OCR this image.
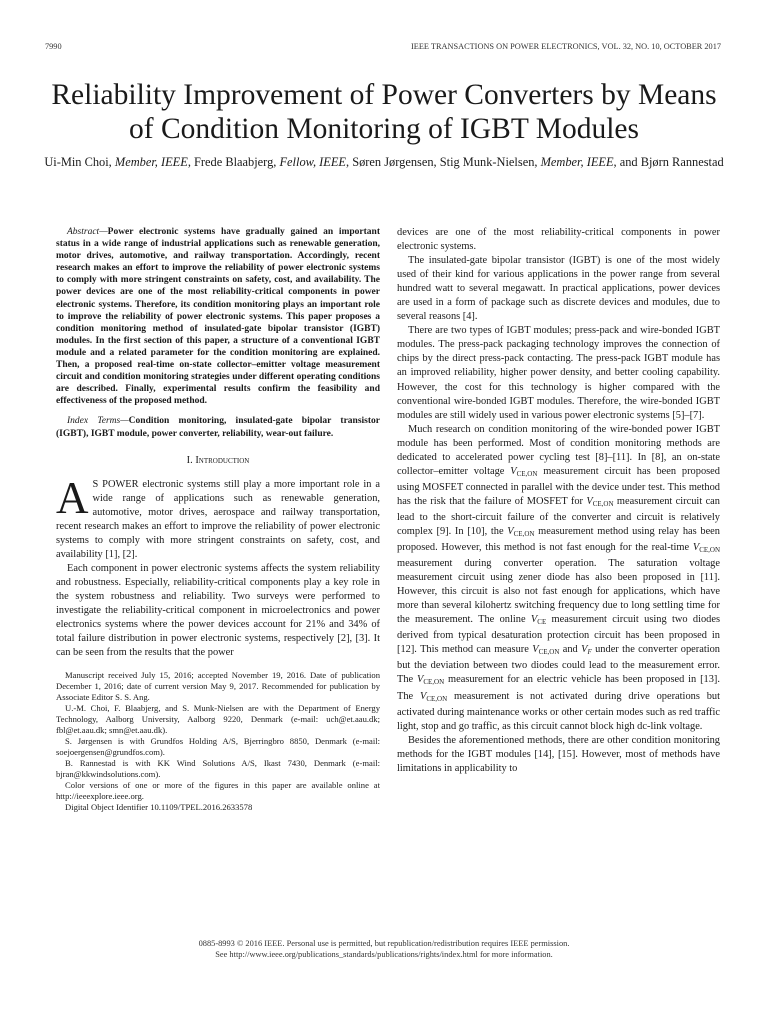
7990	IEEE TRANSACTIONS ON POWER ELECTRONICS, VOL. 32, NO. 10, OCTOBER 2017
Reliability Improvement of Power Converters by Means of Condition Monitoring of IGBT Modules
Ui-Min Choi, Member, IEEE, Frede Blaabjerg, Fellow, IEEE, Søren Jørgensen, Stig Munk-Nielsen, Member, IEEE, and Bjørn Rannestad

Abstract—Power electronic systems have gradually gained an important status in a wide range of industrial applications such as renewable generation, motor drives, automotive, and railway transportation. Accordingly, recent research makes an effort to improve the reliability of power electronic systems to comply with more stringent constraints on safety, cost, and availability. The power devices are one of the most reliability-critical components in power electronic systems. Therefore, its condition monitoring plays an important role to improve the reliability of power electronic systems. This paper proposes a condition monitoring method of insulated-gate bipolar transistor (IGBT) modules. In the first section of this paper, a structure of a conventional IGBT module and a related parameter for the condition monitoring are explained. Then, a proposed real-time on-state collector–emitter voltage measurement circuit and condition monitoring strategies under different operating conditions are described. Finally, experimental results confirm the feasibility and effectiveness of the proposed method.

Index Terms—Condition monitoring, insulated-gate bipolar transistor (IGBT), IGBT module, power converter, reliability, wear-out failure.

I. Introduction

A S POWER electronic systems still play a more important role in a wide range of applications such as renewable generation, automotive, motor drives, aerospace and railway transportation, recent research makes an effort to improve the reliability of power electronic systems to comply with more stringent constraints on safety, cost, and availability [1], [2].

Each component in power electronic systems affects the system reliability and robustness. Especially, reliability-critical components play a key role in the system robustness and reliability. Two surveys were performed to investigate the reliability-critical component in microelectronics and power electronics systems where the power devices account for 21% and 34% of total failure distribution in power electronic systems, respectively [2], [3]. It can be seen from the results that the power

Manuscript received July 15, 2016; accepted November 19, 2016. Date of publication December 1, 2016; date of current version May 9, 2017. Recommended for publication by Associate Editor S. S. Ang.

U.-M. Choi, F. Blaabjerg, and S. Munk-Nielsen are with the Department of Energy Technology, Aalborg University, Aalborg 9220, Denmark (e-mail: uch@et.aau.dk; fbl@et.aau.dk; smn@et.aau.dk).

S. Jørgensen is with Grundfos Holding A/S, Bjerringbro 8850, Denmark (e-mail: soejoergensen@grundfos.com).

B. Rannestad is with KK Wind Solutions A/S, Ikast 7430, Denmark (e-mail: bjran@kkwindsolutions.com).

Color versions of one or more of the figures in this paper are available online at http://ieeexplore.ieee.org.

Digital Object Identifier 10.1109/TPEL.2016.2633578

devices are one of the most reliability-critical components in power electronic systems.

The insulated-gate bipolar transistor (IGBT) is one of the most widely used of their kind for various applications in the power range from several hundred watt to several megawatt. In practical applications, power devices are used in a form of package such as discrete devices and modules, due to several reasons [4].

There are two types of IGBT modules; press-pack and wire-bonded IGBT modules. The press-pack packaging technology improves the connection of chips by the direct press-pack contacting. The press-pack IGBT module has an improved reliability, higher power density, and better cooling capability. However, the cost for this technology is higher compared with the conventional wire-bonded IGBT modules. Therefore, the wire-bonded IGBT modules are still widely used in various power electronic systems [5]–[7].

Much research on condition monitoring of the wire-bonded power IGBT module has been performed. Most of condition monitoring methods are dedicated to accelerated power cycling test [8]–[11]. In [8], an on-state collector–emitter voltage $V_{CE,ON}$ measurement circuit has been proposed using MOSFET connected in parallel with the device under test. This method has the risk that the failure of MOSFET for $V_{CE,ON}$ measurement circuit can lead to the short-circuit failure of the converter and circuit is relatively complex [9]. In [10], the $V_{CE,ON}$ measurement method using relay has been proposed. However, this method is not fast enough for the real-time $V_{CE,ON}$ measurement during converter operation. The saturation voltage measurement circuit using zener diode has also been proposed in [11]. However, this circuit is also not fast enough for applications, which have more than several kilohertz switching frequency due to long settling time for the measurement. The online $V_{CE}$ measurement circuit using two diodes derived from typical desaturation protection circuit has been proposed in [12]. This method can measure $V_{CE,ON}$ and $V_F$ under the converter operation but the deviation between two diodes could lead to the measurement error. The $V_{CE,ON}$ measurement for an electric vehicle has been proposed in [13]. The $V_{CE,ON}$ measurement is not activated during drive operations but activated during maintenance works or other certain modes such as red traffic light, stop and go traffic, as this circuit cannot block high dc-link voltage.

Besides the aforementioned methods, there are other condition monitoring methods for the IGBT modules [14], [15]. However, most of methods have limitations in applicability to

0885-8993 © 2016 IEEE. Personal use is permitted, but republication/redistribution requires IEEE permission.
See http://www.ieee.org/publications_standards/publications/rights/index.html for more information.
